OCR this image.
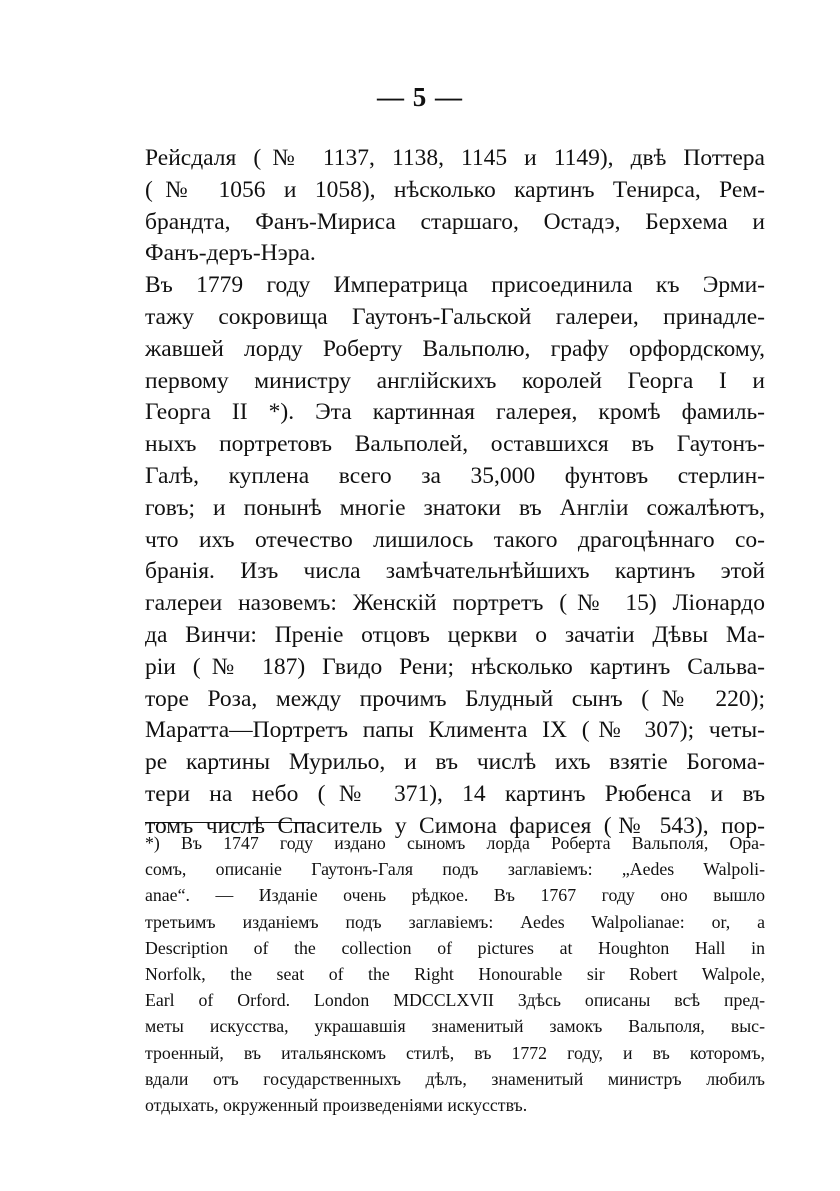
— 5 —
Рейсдаля (№ 1137, 1138, 1145 и 1149), двѣ Поттера
(№ 1056 и 1058), нѣсколько картинъ Тенирса, Рем-
брандта, Фанъ-Мириса старшаго, Остадэ, Берхема и
Фанъ-деръ-Нэра.
Въ 1779 году Императрица присоединила къ Эрми-
тажу сокровища Гаутонъ-Гальской галереи, принадле-
жавшей лорду Роберту Вальполю, графу орфордскому,
первому министру англійскихъ королей Георга I и
Георга II *). Эта картинная галерея, кромѣ фамиль-
ныхъ портретовъ Вальполей, оставшихся въ Гаутонъ-
Галѣ, куплена всего за 35,000 фунтовъ стерлин-
говъ; и понынѣ многіе знатоки въ Англіи сожалѣютъ,
что ихъ отечество лишилось такого драгоцѣннаго со-
бранія. Изъ числа замѣчательнѣйшихъ картинъ этой
галереи назовемъ: Женскій портретъ (№ 15) Ліонардо
да Винчи: Преніе отцовъ церкви о зачатіи Дѣвы Ма-
ріи (№ 187) Гвидо Рени; нѣсколько картинъ Сальва-
торе Роза, между прочимъ Блудный сынъ (№ 220);
Маратта—Портретъ папы Климента IX (№ 307); четы-
ре картины Мурильо, и въ числѣ ихъ взятіе Богома-
тери на небо (№ 371), 14 картинъ Рюбенса и въ
томъ числѣ Спаситель у Симона фарисея (№ 543), пор-
*) Въ 1747 году издано сыномъ лорда Роберта Вальполя, Ора-
сомъ, описаніе Гаутонъ-Галя подъ заглавіемъ: „Aedes Walpoli-
anae“. — Изданіе очень рѣдкое. Въ 1767 году оно вышло
третьимъ изданіемъ подъ заглавіемъ: Aedes Walpolianae: or, a
Description of the collection of pictures at Houghton Hall in
Norfolk, the seat of the Right Honourable sir Robert Walpole,
Earl of Orford. London MDCCLXVII Здѣсь описаны всѣ пред-
меты искусства, украшавшія знаменитый замокъ Вальполя, выс-
троенный, въ итальянскомъ стилѣ, въ 1772 году, и въ которомъ,
вдали отъ государственныхъ дѣлъ, знаменитый министръ любилъ
отдыхать, окруженный произведеніями искусствъ.
